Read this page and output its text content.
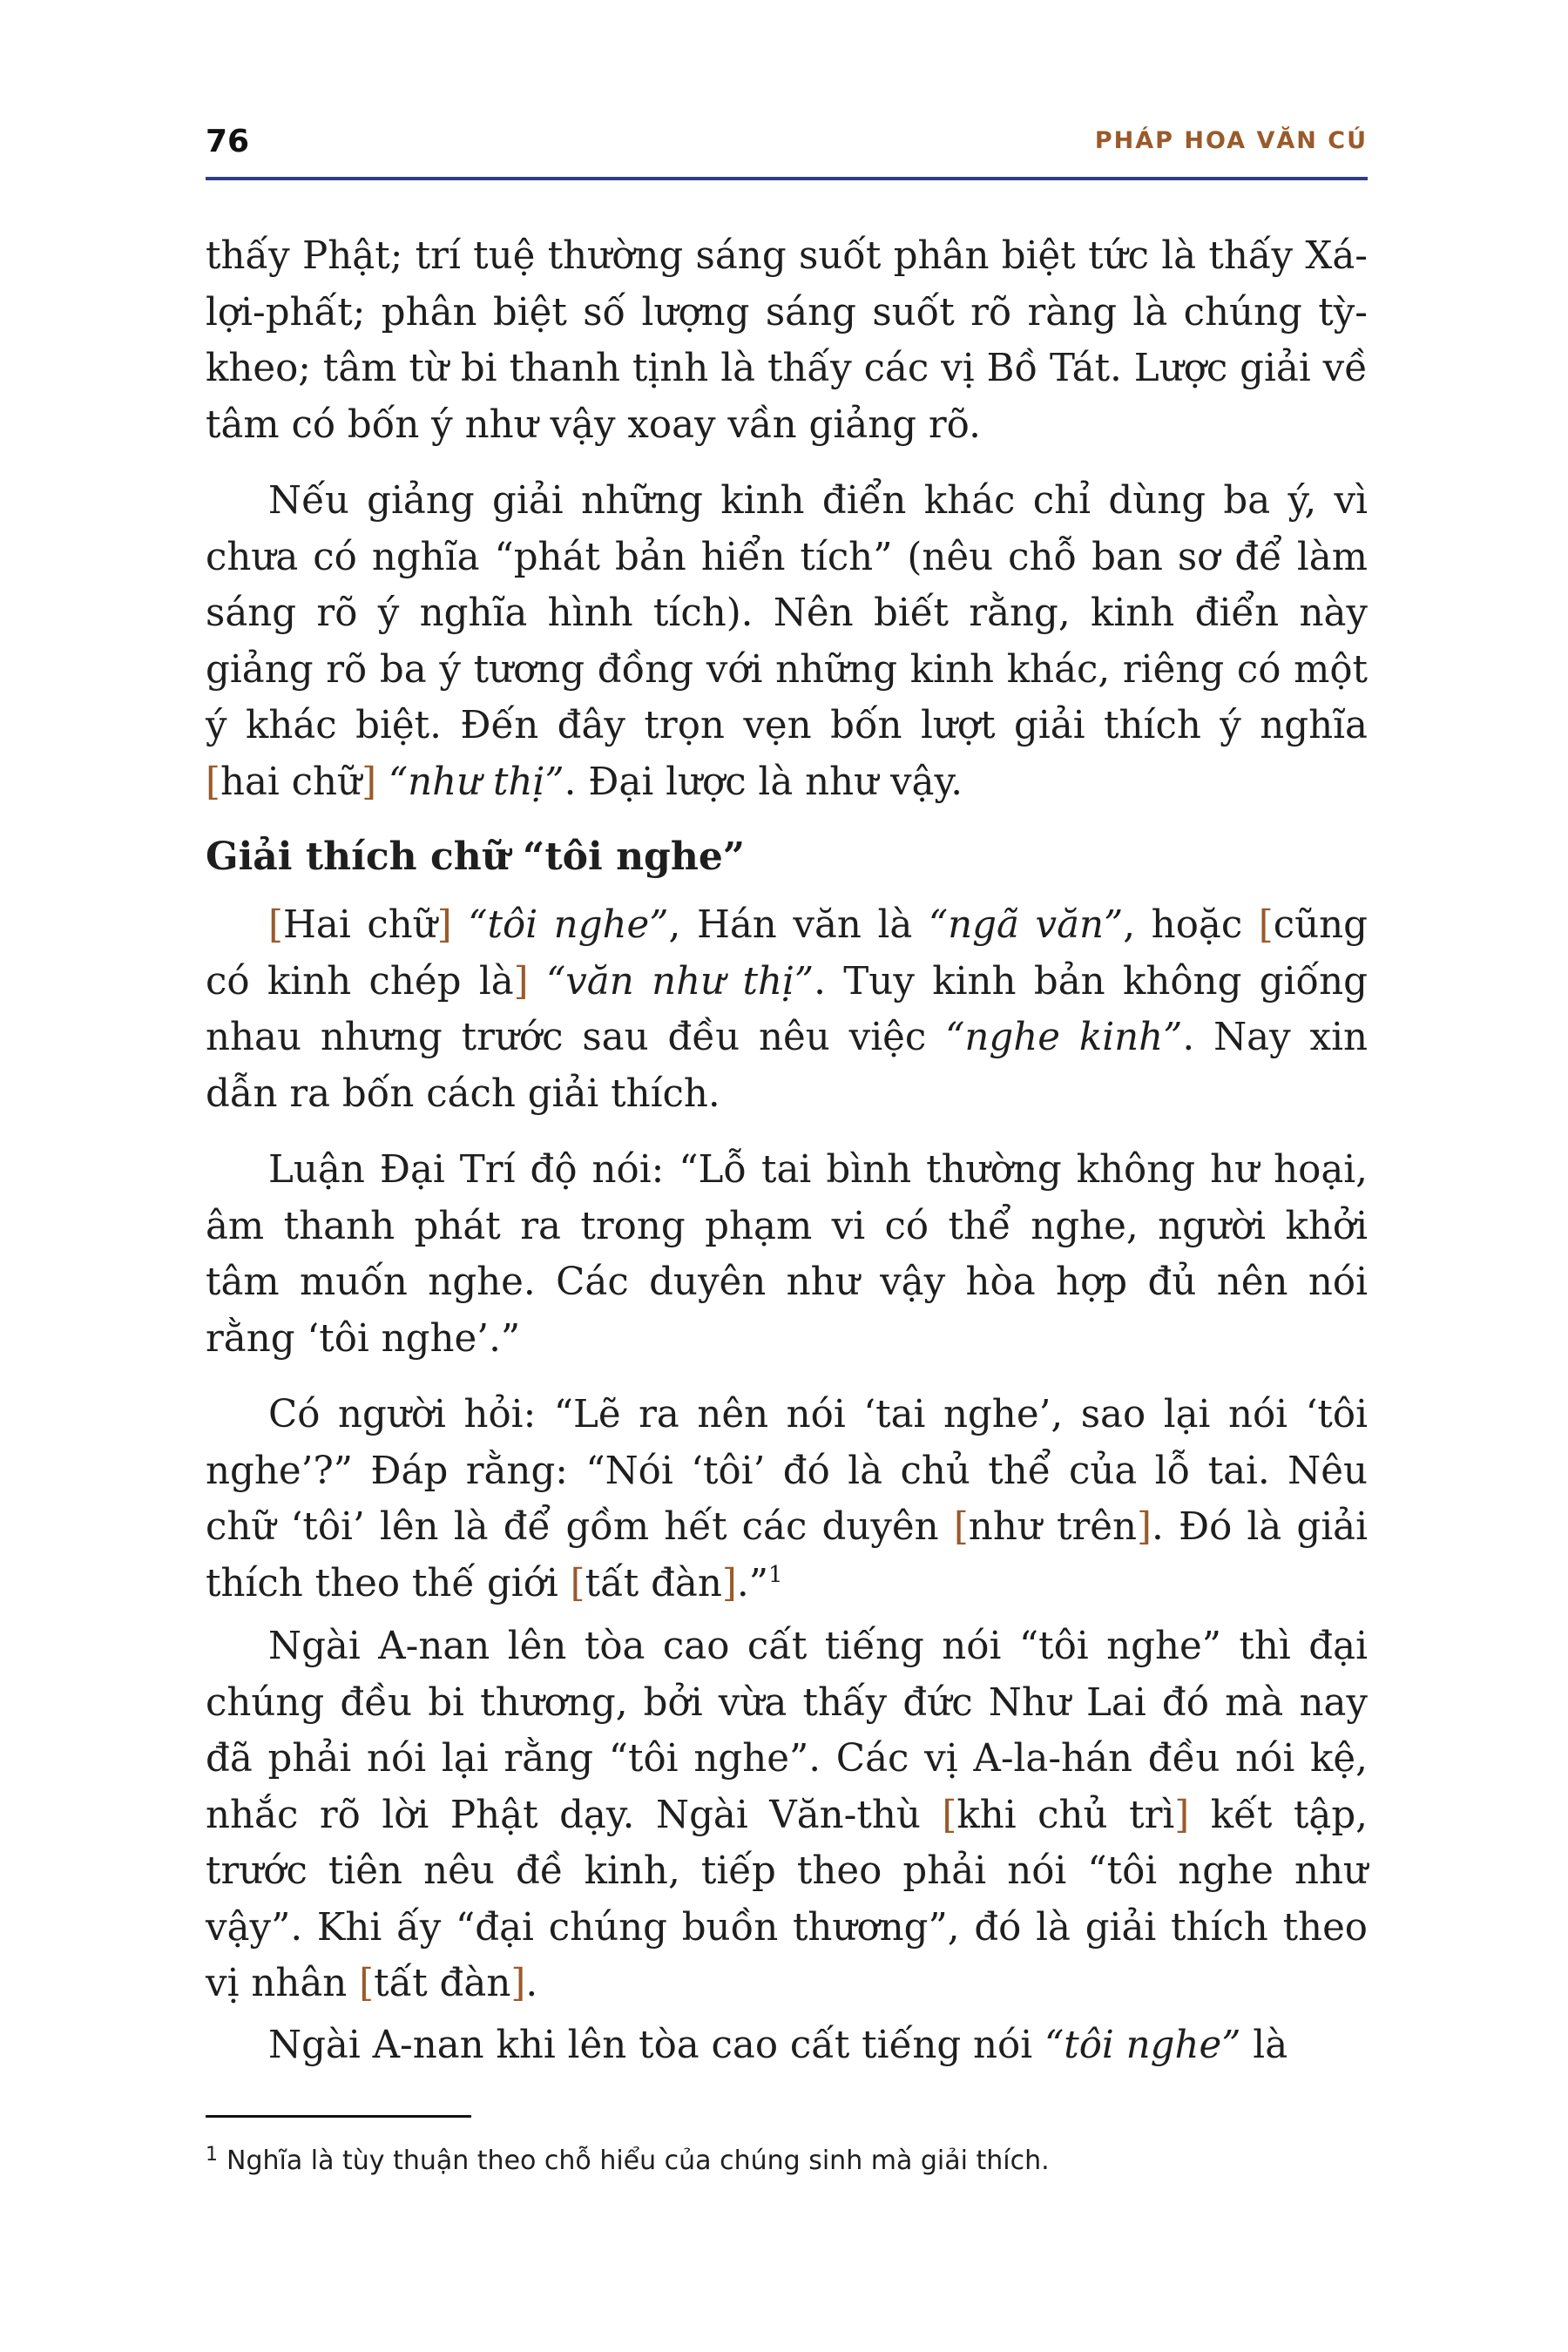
76	PHÁP HOA VĂN CÚ

thấy Phật; trí tuệ thường sáng suốt phân biệt tức là thấy Xá-lợi-phất; phân biệt số lượng sáng suốt rõ ràng là chúng tỳ-kheo; tâm từ bi thanh tịnh là thấy các vị Bồ Tát. Lược giải về tâm có bốn ý như vậy xoay vần giảng rõ.

Nếu giảng giải những kinh điển khác chỉ dùng ba ý, vì chưa có nghĩa “phát bản hiển tích” (nêu chỗ ban sơ để làm sáng rõ ý nghĩa hình tích). Nên biết rằng, kinh điển này giảng rõ ba ý tương đồng với những kinh khác, riêng có một ý khác biệt. Đến đây trọn vẹn bốn lượt giải thích ý nghĩa [hai chữ] “như thị”. Đại lược là như vậy.

Giải thích chữ “tôi nghe”

[Hai chữ] “tôi nghe”, Hán văn là “ngã văn”, hoặc [cũng có kinh chép là] “văn như thị”. Tuy kinh bản không giống nhau nhưng trước sau đều nêu việc “nghe kinh”. Nay xin dẫn ra bốn cách giải thích.

Luận Đại Trí độ nói: “Lỗ tai bình thường không hư hoại, âm thanh phát ra trong phạm vi có thể nghe, người khởi tâm muốn nghe. Các duyên như vậy hòa hợp đủ nên nói rằng ‘tôi nghe’.”

Có người hỏi: “Lẽ ra nên nói ‘tai nghe’, sao lại nói ‘tôi nghe’?” Đáp rằng: “Nói ‘tôi’ đó là chủ thể của lỗ tai. Nêu chữ ‘tôi’ lên là để gồm hết các duyên [như trên]. Đó là giải thích theo thế giới [tất đàn].”$^1$

Ngài A-nan lên tòa cao cất tiếng nói “tôi nghe” thì đại chúng đều bi thương, bởi vừa thấy đức Như Lai đó mà nay đã phải nói lại rằng “tôi nghe”. Các vị A-la-hán đều nói kệ, nhắc rõ lời Phật dạy. Ngài Văn-thù [khi chủ trì] kết tập, trước tiên nêu đề kinh, tiếp theo phải nói “tôi nghe như vậy”. Khi ấy “đại chúng buồn thương”, đó là giải thích theo vị nhân [tất đàn].

Ngài A-nan khi lên tòa cao cất tiếng nói “tôi nghe” là

$^1$ Nghĩa là tùy thuận theo chỗ hiểu của chúng sinh mà giải thích.
